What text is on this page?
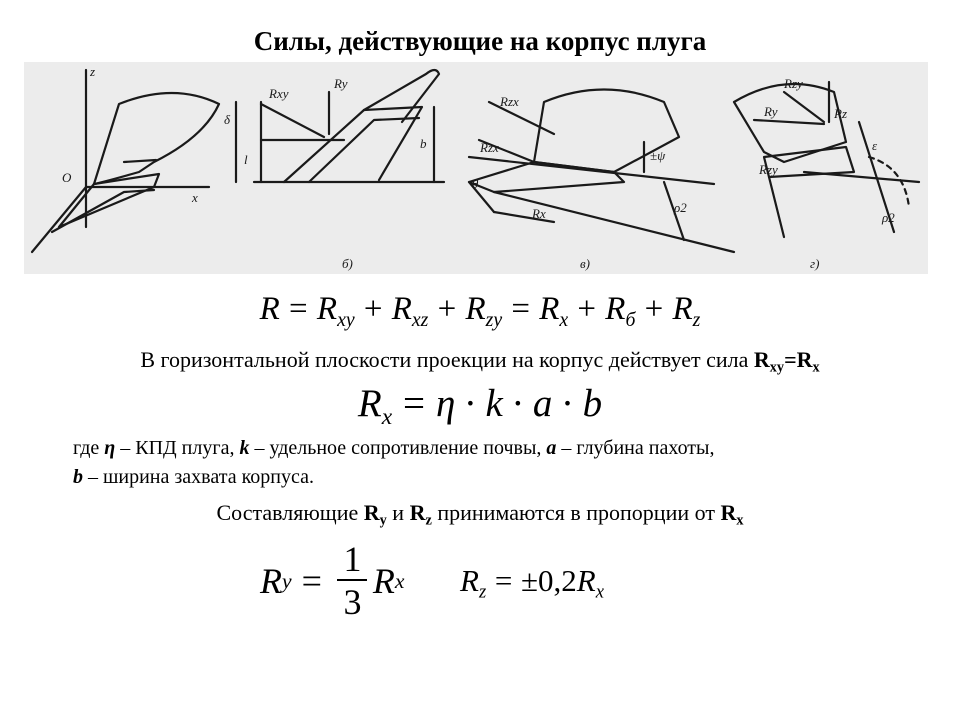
Силы, действующие на корпус плуга
z
O
x
Rxy
Ry
δ
l
b
б)
Rzx
Rzx
Rx
±ψ
ρ2
θ
в)
Rzy
Ry	Rz
Rzy
ε
ρ2
г)
$R = R_{xy} + R_{xz} + R_{zy} = R_x + R_б + R_z$
В горизонтальной плоскости проекции на корпус действует сила $R_{xy}=R_x$
$R_x = \eta \cdot k \cdot a \cdot b$
где η – КПД плуга, k – удельное сопротивление почвы, а – глубина пахоты,
b – ширина захвата корпуса.
Составляющие $R_y$ и $R_z$ принимаются в пропорции от $R_x$
R $y = \frac{1}{3}$ R x $R_z = \pm 0,2R_x$
